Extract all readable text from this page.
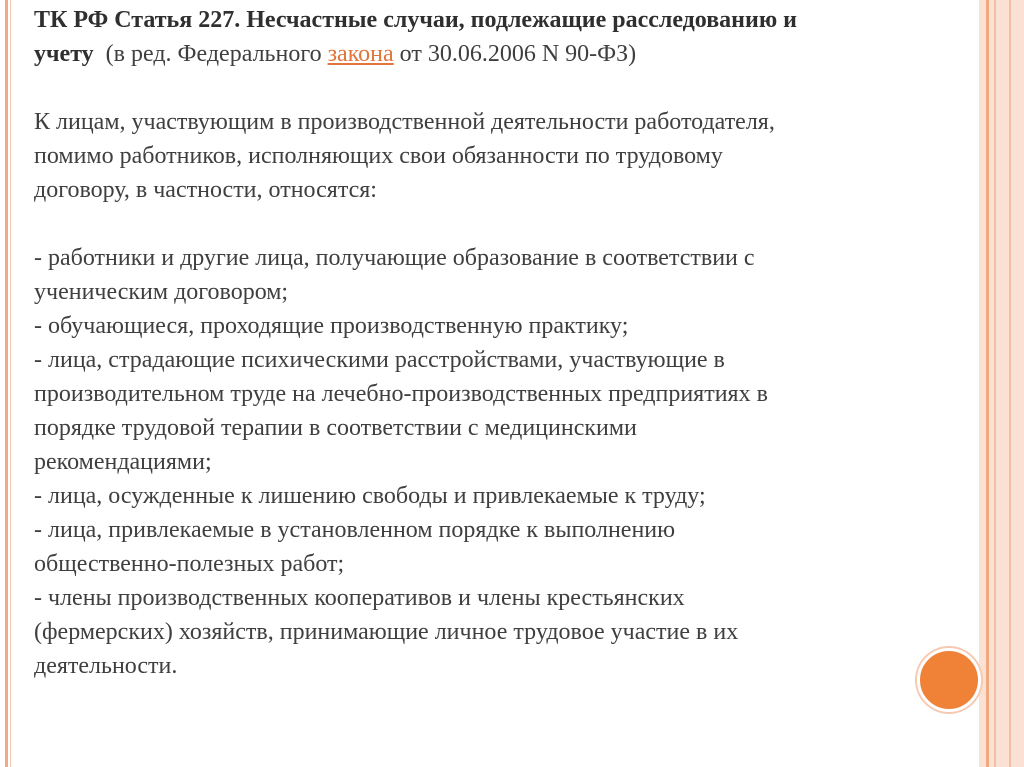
ТК РФ Статья 227. Несчастные случаи, подлежащие расследованию и
учету  (в ред. Федерального закона от 30.06.2006 N 90-ФЗ)
К лицам, участвующим в производственной деятельности работодателя,
помимо работников, исполняющих свои обязанности по трудовому
договору, в частности, относятся:
- работники и другие лица, получающие образование в соответствии с
ученическим договором;
- обучающиеся, проходящие производственную практику;
- лица, страдающие психическими расстройствами, участвующие в
производительном труде на лечебно-производственных предприятиях в
порядке трудовой терапии в соответствии с медицинскими
рекомендациями;
- лица, осужденные к лишению свободы и привлекаемые к труду;
- лица, привлекаемые в установленном порядке к выполнению
общественно-полезных работ;
- члены производственных кооперативов и члены крестьянских
(фермерских) хозяйств, принимающие личное трудовое участие в их
деятельности.
